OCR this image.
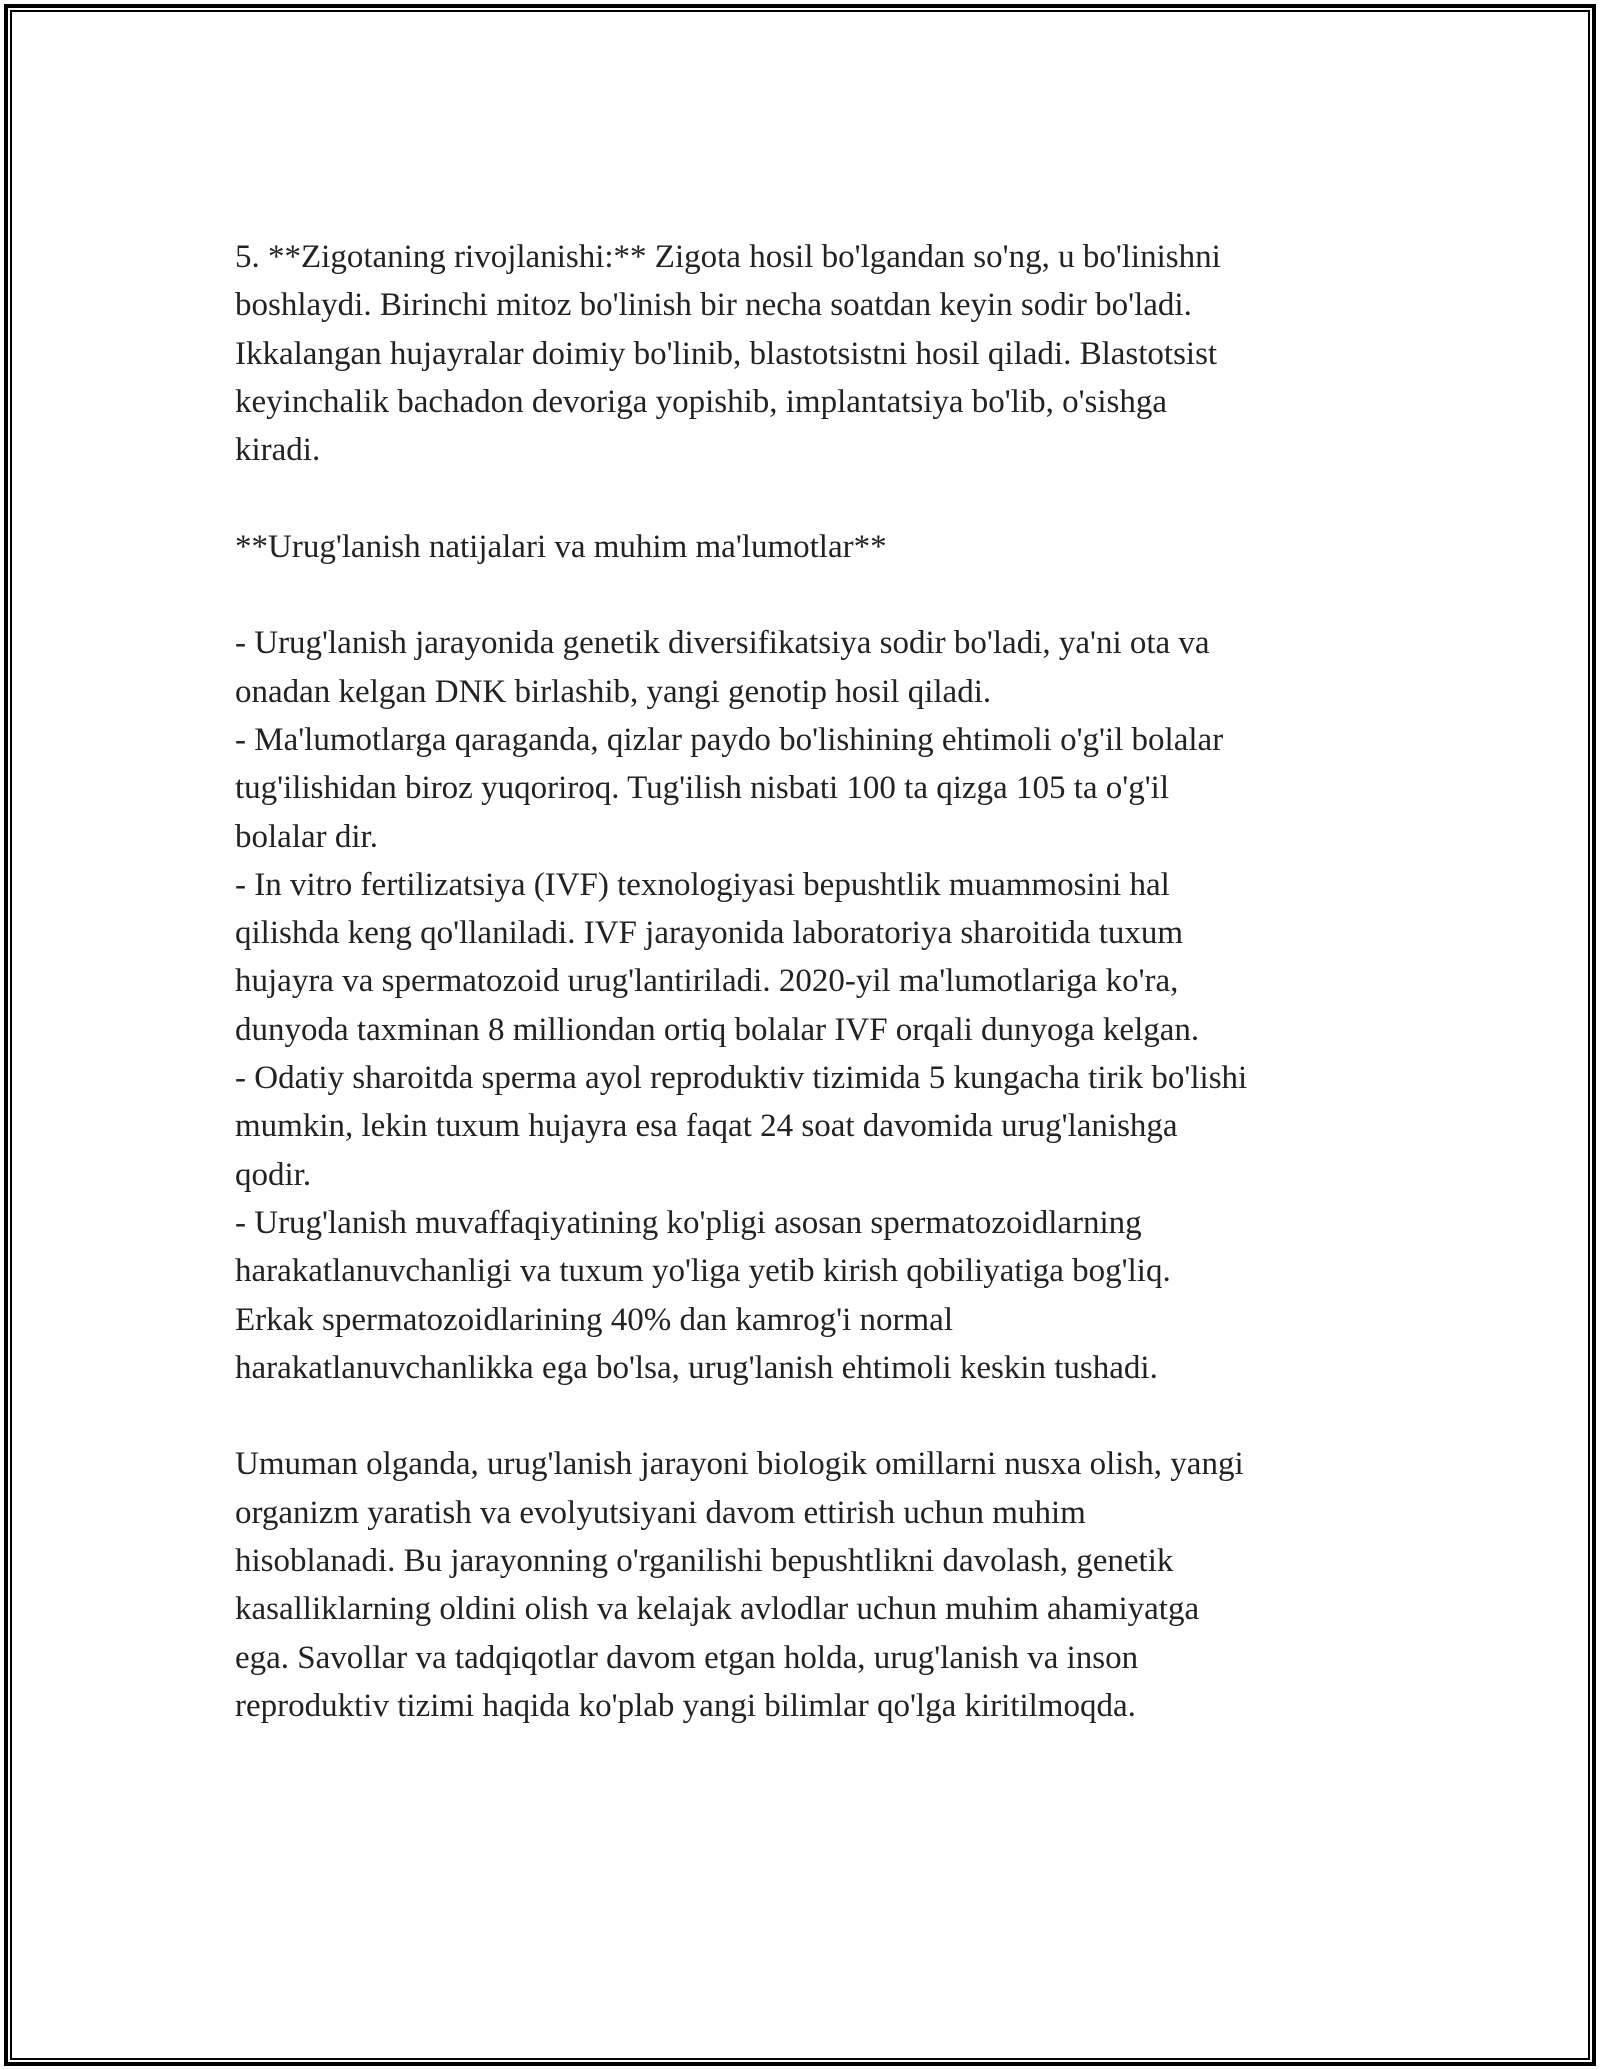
5. **Zigotaning rivojlanishi:** Zigota hosil bo'lgandan so'ng, u bo'linishni
boshlaydi. Birinchi mitoz bo'linish bir necha soatdan keyin sodir bo'ladi.
Ikkalangan hujayralar doimiy bo'linib, blastotsistni hosil qiladi. Blastotsist
keyinchalik bachadon devoriga yopishib, implantatsiya bo'lib, o'sishga
kiradi.

**Urug'lanish natijalari va muhim ma'lumotlar**

- Urug'lanish jarayonida genetik diversifikatsiya sodir bo'ladi, ya'ni ota va
onadan kelgan DNK birlashib, yangi genotip hosil qiladi.

- Ma'lumotlarga qaraganda, qizlar paydo bo'lishining ehtimoli o'g'il bolalar
tug'ilishidan biroz yuqoriroq. Tug'ilish nisbati 100 ta qizga 105 ta o'g'il
bolalar dir.

- In vitro fertilizatsiya (IVF) texnologiyasi bepushtlik muammosini hal
qilishda keng qo'llaniladi. IVF jarayonida laboratoriya sharoitida tuxum
hujayra va spermatozoid urug'lantiriladi. 2020-yil ma'lumotlariga ko'ra,
dunyoda taxminan 8 milliondan ortiq bolalar IVF orqali dunyoga kelgan.

- Odatiy sharoitda sperma ayol reproduktiv tizimida 5 kungacha tirik bo'lishi
mumkin, lekin tuxum hujayra esa faqat 24 soat davomida urug'lanishga
qodir.

- Urug'lanish muvaffaqiyatining ko'pligi asosan spermatozoidlarning
harakatlanuvchanligi va tuxum yo'liga yetib kirish qobiliyatiga bog'liq.
Erkak spermatozoidlarining 40% dan kamrog'i normal
harakatlanuvchanlikka ega bo'lsa, urug'lanish ehtimoli keskin tushadi.

Umuman olganda, urug'lanish jarayoni biologik omillarni nusxa olish, yangi
organizm yaratish va evolyutsiyani davom ettirish uchun muhim
hisoblanadi. Bu jarayonning o'rganilishi bepushtlikni davolash, genetik
kasalliklarning oldini olish va kelajak avlodlar uchun muhim ahamiyatga
ega. Savollar va tadqiqotlar davom etgan holda, urug'lanish va inson
reproduktiv tizimi haqida ko'plab yangi bilimlar qo'lga kiritilmoqda.
